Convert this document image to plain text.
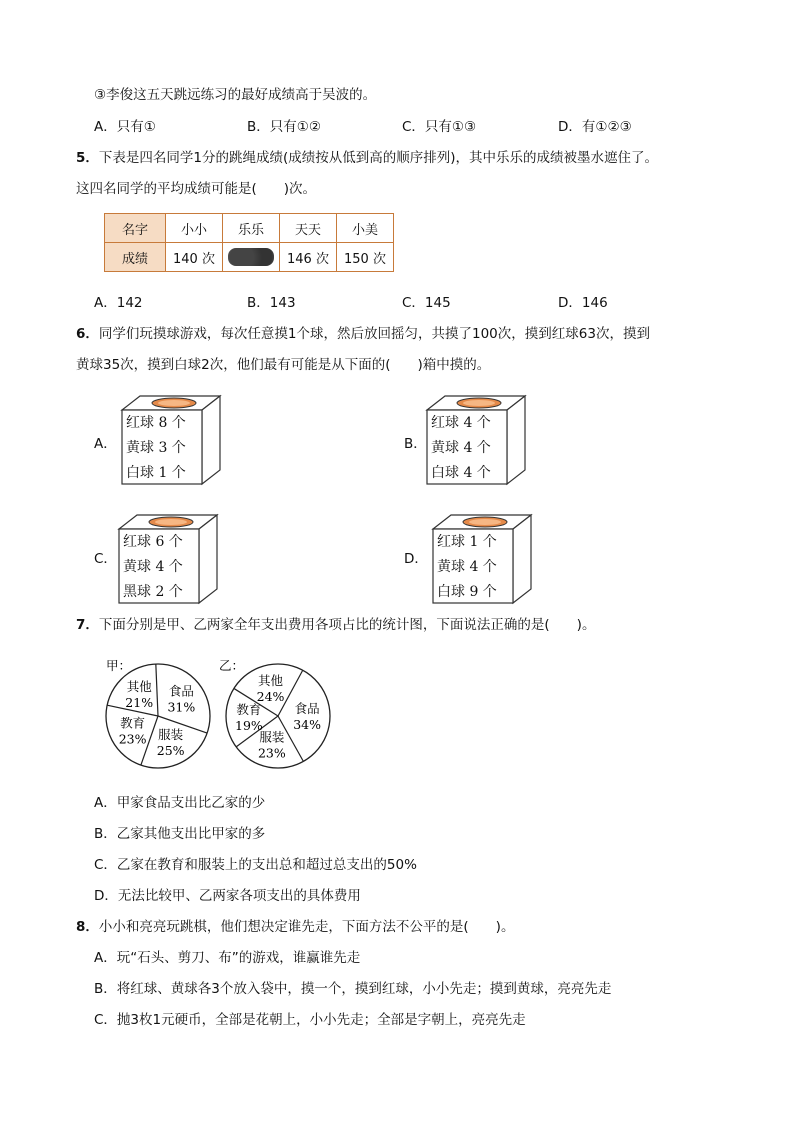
③李俊这五天跳远练习的最好成绩高于吴波的。
A．只有①	B．只有①②	C．只有①③	D．有①②③
5．下表是四名同学1分的跳绳成绩(成绩按从低到高的顺序排列)，其中乐乐的成绩被墨水遮住了。
这四名同学的平均成绩可能是(　　)次。
名字	小小	乐乐	天天	小美
成绩	140 次		146 次	150 次
A．142	B．143	C．145	D．146
6．同学们玩摸球游戏，每次任意摸1个球，然后放回摇匀，共摸了100次，摸到红球63次，摸到
黄球35次，摸到白球2次，他们最有可能是从下面的(　　)箱中摸的。
A．
红球 8 个
黄球 3 个
白球 1 个
B．
红球 4 个
黄球 4 个
白球 4 个
C．
红球 6 个
黄球 4 个
黑球 2 个
D．
红球 1 个
黄球 4 个
白球 9 个
7．下面分别是甲、乙两家全年支出费用各项占比的统计图，下面说法正确的是(　　)。
甲：
其他
21%
食品
31%
服装
25%
教育
23%
乙：
其他
24%
食品
34%
服装
23%
教育
19%
A．甲家食品支出比乙家的少
B．乙家其他支出比甲家的多
C．乙家在教育和服装上的支出总和超过总支出的50%
D．无法比较甲、乙两家各项支出的具体费用
8．小小和亮亮玩跳棋，他们想决定谁先走，下面方法不公平的是(　　)。
A．玩“石头、剪刀、布”的游戏，谁赢谁先走
B．将红球、黄球各3个放入袋中，摸一个，摸到红球，小小先走；摸到黄球，亮亮先走
C．抛3枚1元硬币，全部是花朝上，小小先走；全部是字朝上，亮亮先走
